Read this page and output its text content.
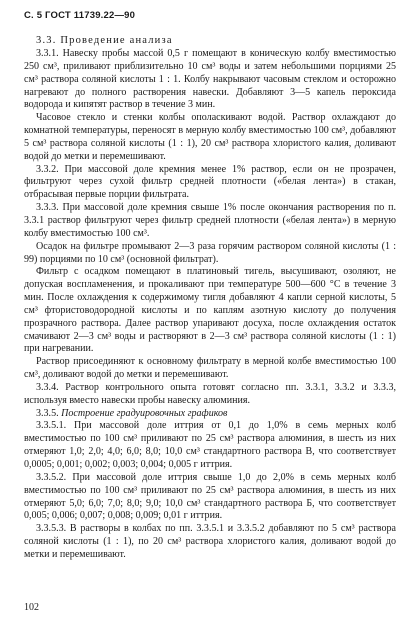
С. 5 ГОСТ 11739.22—90
3.3. Проведение анализа

3.3.1. Навеску пробы массой 0,5 г помещают в коническую колбу вместимостью 250 см³, приливают приблизительно 10 см³ воды и затем небольшими порциями 25 см³ раствора соляной кислоты 1 : 1. Колбу накрывают часовым стеклом и осторожно нагревают до полного растворения навески. Добавляют 3—5 капель пероксида водорода и кипятят раствор в течение 3 мин.

Часовое стекло и стенки колбы ополаскивают водой. Раствор охлаждают до комнатной температуры, переносят в мерную колбу вместимостью 100 см³, добавляют 5 см³ раствора соляной кислоты (1 : 1), 20 см³ раствора хлористого калия, доливают водой до метки и перемешивают.

3.3.2. При массовой доле кремния менее 1% раствор, если он не прозрачен, фильтруют через сухой фильтр средней плотности («белая лента») в стакан, отбрасывая первые порции фильтрата.

3.3.3. При массовой доле кремния свыше 1% после окончания растворения по п. 3.3.1 раствор фильтруют через фильтр средней плотности («белая лента») в мерную колбу вместимостью 100 см³.

Осадок на фильтре промывают 2—3 раза горячим раствором соляной кислоты (1 : 99) порциями по 10 см³ (основной фильтрат).

Фильтр с осадком помещают в платиновый тигель, высушивают, озоляют, не допуская воспламенения, и прокаливают при температуре 500—600 °С в течение 3 мин. После охлаждения к содержимому тигля добавляют 4 капли серной кислоты, 5 см³ фтористоводородной кислоты и по каплям азотную кислоту до получения прозрачного раствора. Далее раствор упаривают досуха, после охлаждения остаток смачивают 2—3 см³ воды и растворяют в 2—3 см³ раствора соляной кислоты (1 : 1) при нагревании.

Раствор присоединяют к основному фильтрату в мерной колбе вместимостью 100 см³, доливают водой до метки и перемешивают.

3.3.4. Раствор контрольного опыта готовят согласно пп. 3.3.1, 3.3.2 и 3.3.3, используя вместо навески пробы навеску алюминия.

3.3.5. Построение градуировочных графиков

3.3.5.1. При массовой доле иттрия от 0,1 до 1,0% в семь мерных колб вместимостью по 100 см³ приливают по 25 см³ раствора алюминия, в шесть из них отмеряют 1,0; 2,0; 4,0; 6,0; 8,0; 10,0 см³ стандартного раствора В, что соответствует 0,0005; 0,001; 0,002; 0,003; 0,004; 0,005 г иттрия.

3.3.5.2. При массовой доле иттрия свыше 1,0 до 2,0% в семь мерных колб вместимостью по 100 см³ приливают по 25 см³ раствора алюминия, в шесть из них отмеряют 5,0; 6,0; 7,0; 8,0; 9,0; 10,0 см³ стандартного раствора Б, что соответствует 0,005; 0,006; 0,007; 0,008; 0,009; 0,01 г иттрия.

3.3.5.3. В растворы в колбах по пп. 3.3.5.1 и 3.3.5.2 добавляют по 5 см³ раствора соляной кислоты (1 : 1), по 20 см³ раствора хлористого калия, доливают водой до метки и перемешивают.

102
